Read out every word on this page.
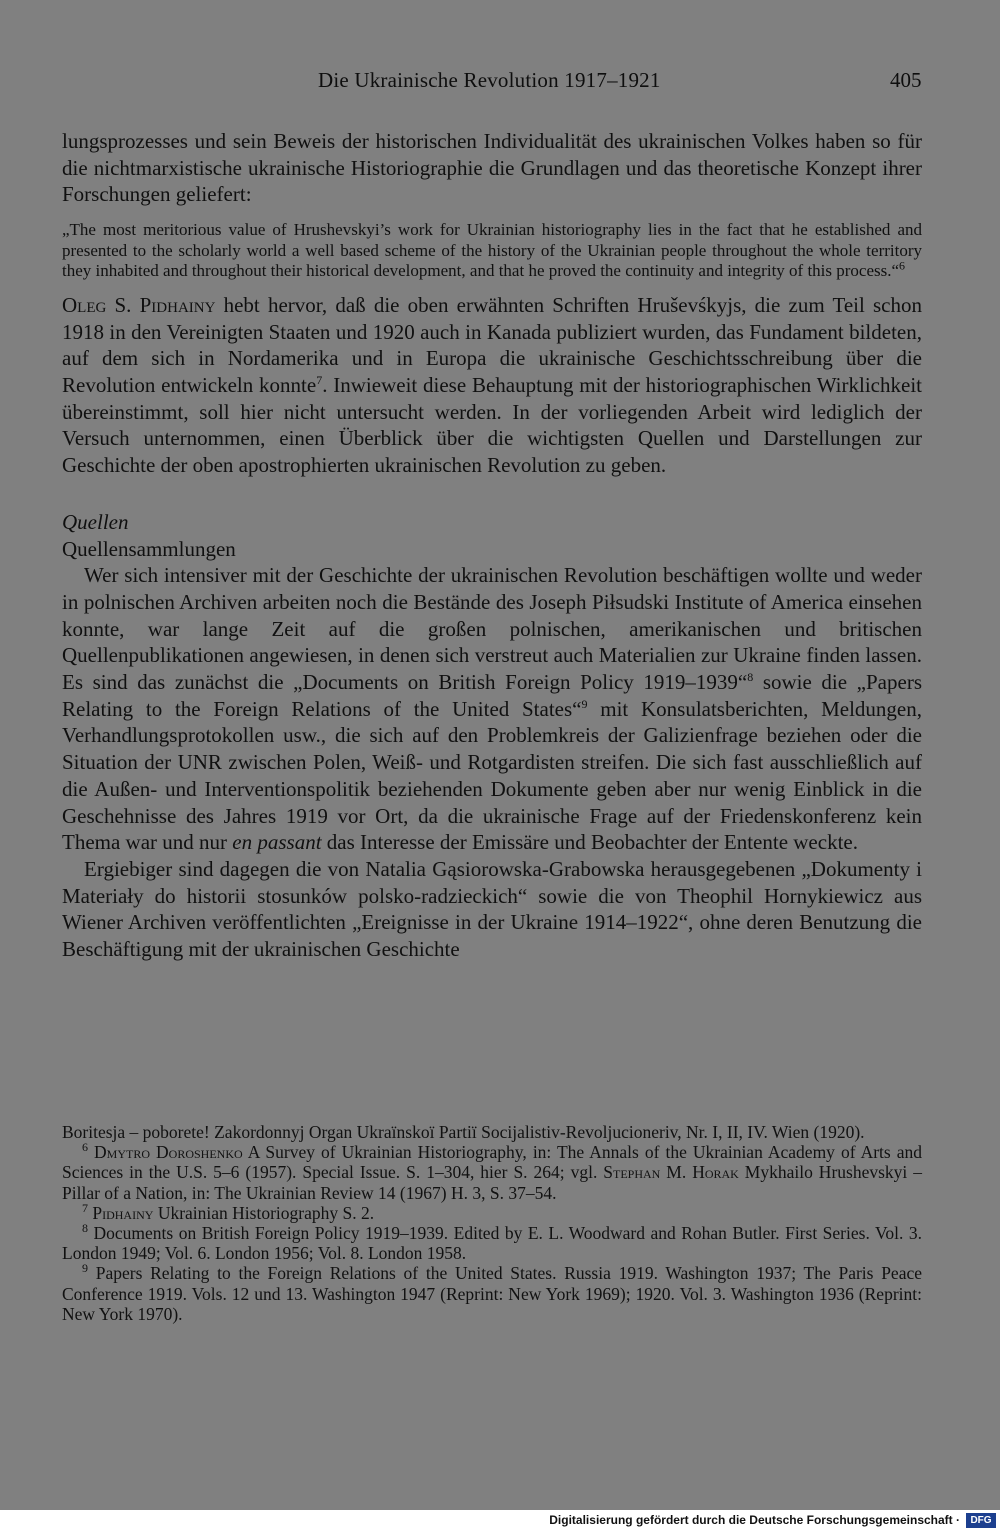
Die Ukrainische Revolution 1917–1921	405

lungsprozesses und sein Beweis der historischen Individualität des ukrainischen Volkes haben so für die nichtmarxistische ukrainische Historiographie die Grundlagen und das theoretische Konzept ihrer Forschungen geliefert:

„The most meritorious value of Hrushevskyi’s work for Ukrainian historiography lies in the fact that he established and presented to the scholarly world a well based scheme of the history of the Ukrainian people throughout the whole territory they inhabited and throughout their historical development, and that he proved the continuity and integrity of this process.“$^6$

Oleg S. Pidhainy hebt hervor, daß die oben erwähnten Schriften Hruševśkyjs, die zum Teil schon 1918 in den Vereinigten Staaten und 1920 auch in Kanada publiziert wurden, das Fundament bildeten, auf dem sich in Nordamerika und in Europa die ukrainische Geschichtsschreibung über die Revolution entwickeln konnte$^7$. Inwieweit diese Behauptung mit der historiographischen Wirklichkeit übereinstimmt, soll hier nicht untersucht werden. In der vorliegenden Arbeit wird lediglich der Versuch unternommen, einen Überblick über die wichtigsten Quellen und Darstellungen zur Geschichte der oben apostrophierten ukrainischen Revolution zu geben.

Quellen

Quellensammlungen

Wer sich intensiver mit der Geschichte der ukrainischen Revolution beschäftigen wollte und weder in polnischen Archiven arbeiten noch die Bestände des Joseph Piłsudski Institute of America einsehen konnte, war lange Zeit auf die großen polnischen, amerikanischen und britischen Quellenpublikationen angewiesen, in denen sich verstreut auch Materialien zur Ukraine finden lassen. Es sind das zunächst die „Documents on British Foreign Policy 1919–1939“$^8$ sowie die „Papers Relating to the Foreign Relations of the United States“$^9$ mit Konsulatsberichten, Meldungen, Verhandlungsprotokollen usw., die sich auf den Problemkreis der Galizienfrage beziehen oder die Situation der UNR zwischen Polen, Weiß- und Rotgardisten streifen. Die sich fast ausschließlich auf die Außen- und Interventionspolitik beziehenden Dokumente geben aber nur wenig Einblick in die Geschehnisse des Jahres 1919 vor Ort, da die ukrainische Frage auf der Friedenskonferenz kein Thema war und nur en passant das Interesse der Emissäre und Beobachter der Entente weckte.

Ergiebiger sind dagegen die von Natalia Gąsiorowska-Grabowska herausgegebenen „Dokumenty i Materiały do historii stosunków polsko-radzieckich“ sowie die von Theophil Hornykiewicz aus Wiener Archiven veröffentlichten „Ereignisse in der Ukraine 1914–1922“, ohne deren Benutzung die Beschäftigung mit der ukrainischen Geschichte

Boritesja – poborete! Zakordonnyj Organ Ukraïnskoï Partiï Socijalistiv-Revoljucioneriv, Nr. I, II, IV. Wien (1920).

$^6$ Dmytro Doroshenko A Survey of Ukrainian Historiography, in: The Annals of the Ukrainian Academy of Arts and Sciences in the U.S. 5–6 (1957). Special Issue. S. 1–304, hier S. 264; vgl. Stephan M. Horak Mykhailo Hrushevskyi – Pillar of a Nation, in: The Ukrainian Review 14 (1967) H. 3, S. 37–54.

$^7$ Pidhainy Ukrainian Historiography S. 2.

$^8$ Documents on British Foreign Policy 1919–1939. Edited by E. L. Woodward and Rohan Butler. First Series. Vol. 3. London 1949; Vol. 6. London 1956; Vol. 8. London 1958.

$^9$ Papers Relating to the Foreign Relations of the United States. Russia 1919. Washington 1937; The Paris Peace Conference 1919. Vols. 12 und 13. Washington 1947 (Reprint: New York 1969); 1920. Vol. 3. Washington 1936 (Reprint: New York 1970).

Digitalisierung gefördert durch die Deutsche Forschungsgemeinschaft ·	DFG
